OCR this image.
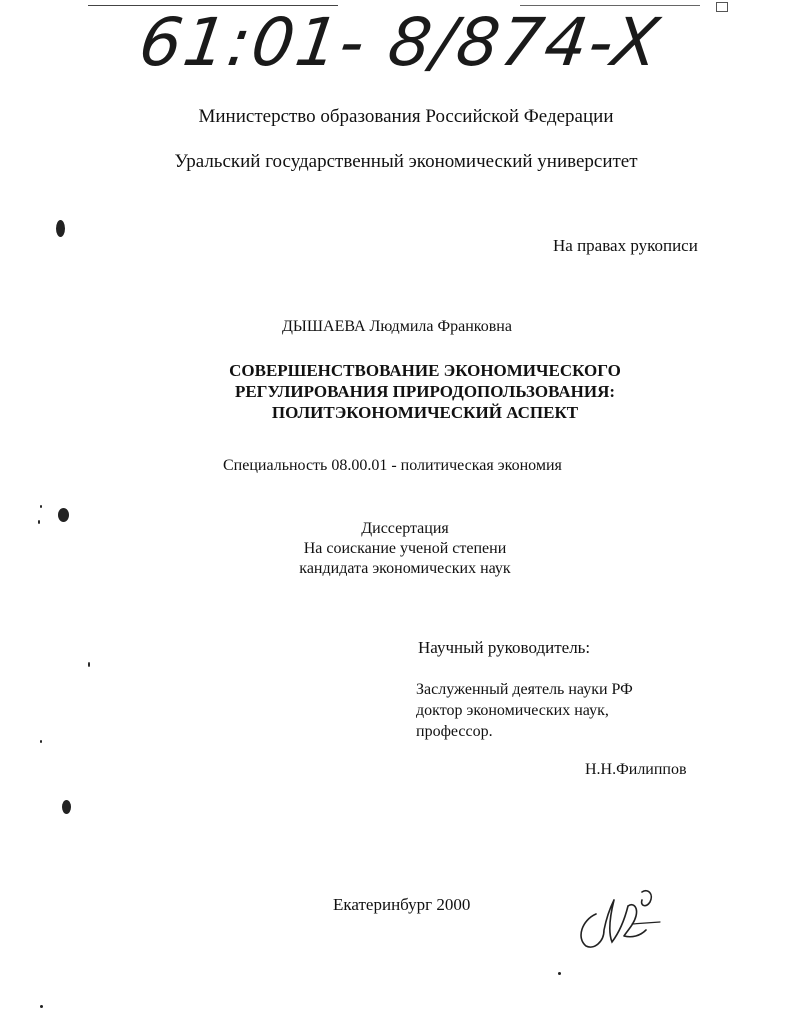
61:01- 8/874-X
Министерство образования Российской Федерации
Уральский государственный экономический университет
На правах рукописи
ДЫШАЕВА Людмила Франковна
СОВЕРШЕНСТВОВАНИЕ ЭКОНОМИЧЕСКОГО РЕГУЛИРОВАНИЯ ПРИРОДОПОЛЬЗОВАНИЯ: ПОЛИТЭКОНОМИЧЕСКИЙ АСПЕКТ
Специальность 08.00.01 - политическая экономия
Диссертация
На соискание ученой степени
кандидата экономических наук
Научный руководитель:
Заслуженный деятель науки РФ
доктор экономических наук,
профессор.
Н.Н.Филиппов
Екатеринбург 2000
